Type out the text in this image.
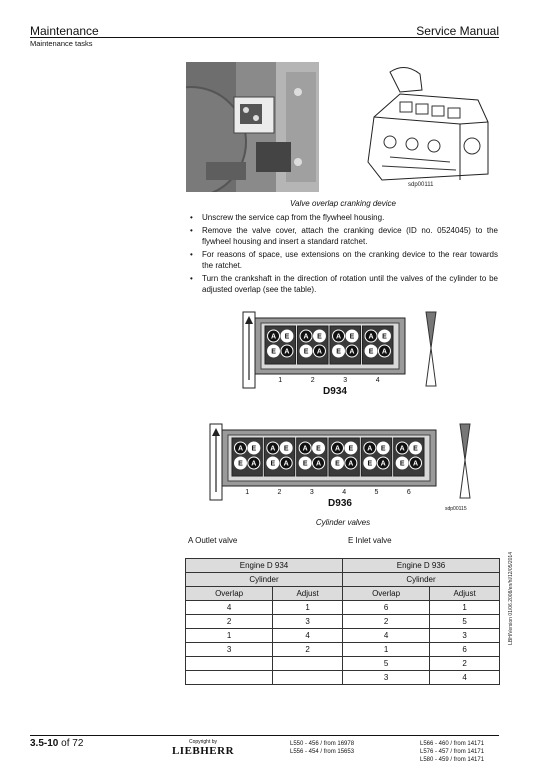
Maintenance
Maintenance tasks
Service Manual
sdp00111
Valve overlap cranking device
• Unscrew the service cap from the flywheel housing.
• Remove the valve cover, attach the cranking device (ID no. 0524045) to the flywheel housing and insert a standard ratchet.
• For reasons of space, use extensions on the cranking device to the rear towards the ratchet.
• Turn the crankshaft in the direction of rotation until the valves of the cylinder to be adjusted overlap (see the table).
A
E
E
A
1
A
E
E
A
2
A
E
E
A
3
A
E
E
A
4
D934
A
E
E
A
1
A
E
E
A
2
A
E
E
A
3
A
E
E
A
4
A
E
E
A
5
A
E
E
A
6
D936	sdp00115
Cylinder valves
A Outlet valve	E Inlet valve
Engine D 934		Engine D 936	
Cylinder		Cylinder	
Overlap	Adjust	Overlap	Adjust
4	1	6	1
2	3	2	5
1	4	4	3
3	2	1	6
		5	2
		3	4
LBH/Version 01/06.2008/en/hl/12/05/2014
3.5-10 of 72	Copyright by
LIEBHERR
L550 - 456 / from 16978
L556 - 454 / from 15653
L566 - 460 / from 14171
L576 - 457 / from 14171
L580 - 459 / from 14171
